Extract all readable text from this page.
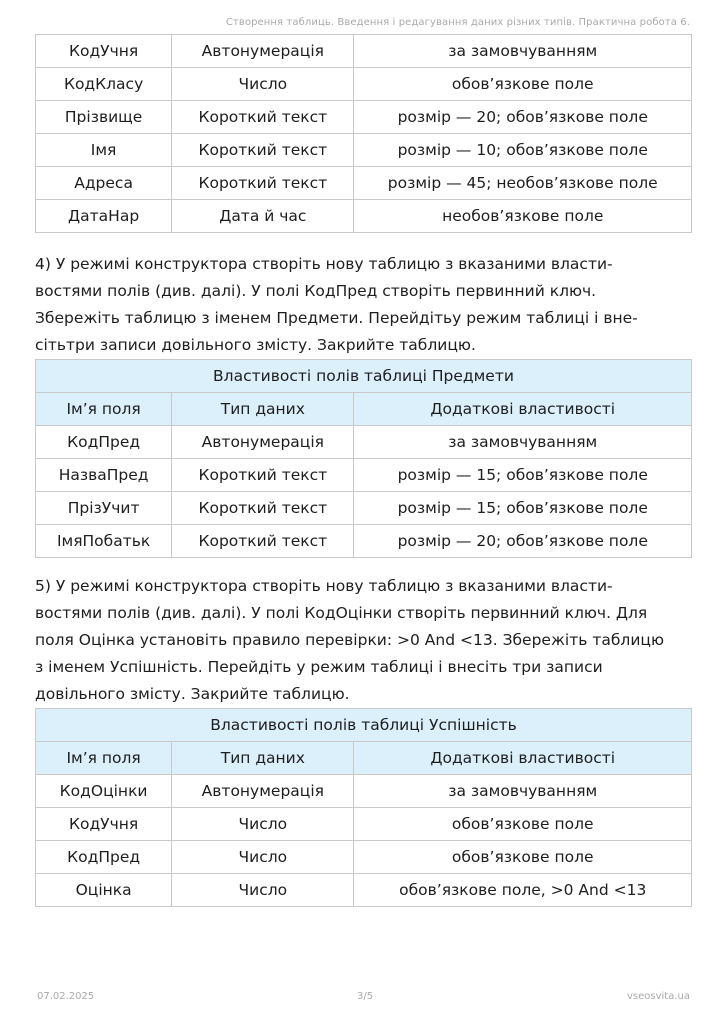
Створення таблиць. Введення і редагування даних різних типів. Практична робота 6.
КодУчня	Автонумерація	за замовчуванням
КодКласу	Число	обов’язкове поле
Прізвище	Короткий текст	розмір — 20; обов’язкове поле
Імя	Короткий текст	розмір — 10; обов’язкове поле
Адреса	Короткий текст	розмір — 45; необов’язкове поле
ДатаНар	Дата й час	необов’язкове поле
4) У режимі конструктора створіть нову таблицю з вказаними власти-
востями полів (див. далі). У полі КодПред створіть первинний ключ.
Збережіть таблицю з іменем Предмети. Перейдітьу режим таблиці і вне-
сітьтри записи довільного змісту. Закрийте таблицю.
Властивості полів таблиці Предмети		
Ім’я поля	Тип даних	Додаткові властивості
КодПред	Автонумерація	за замовчуванням
НазваПред	Короткий текст	розмір — 15; обов’язкове поле
ПрізУчит	Короткий текст	розмір — 15; обов’язкове поле
ІмяПобатьк	Короткий текст	розмір — 20; обов’язкове поле
5) У режимі конструктора створіть нову таблицю з вказаними власти-
востями полів (див. далі). У полі КодОцінки створіть первинний ключ. Для
поля Оцінка установіть правило перевірки: >0 And <13. Збережіть таблицю
з іменем Успішність. Перейдіть у режим таблиці і внесіть три записи
довільного змісту. Закрийте таблицю.
Властивості полів таблиці Успішність		
Ім’я поля	Тип даних	Додаткові властивості
КодОцінки	Автонумерація	за замовчуванням
КодУчня	Число	обов’язкове поле
КодПред	Число	обов’язкове поле
Оцінка	Число	обов’язкове поле, >0 And <13
07.02.2025	3/5	vseosvita.ua
